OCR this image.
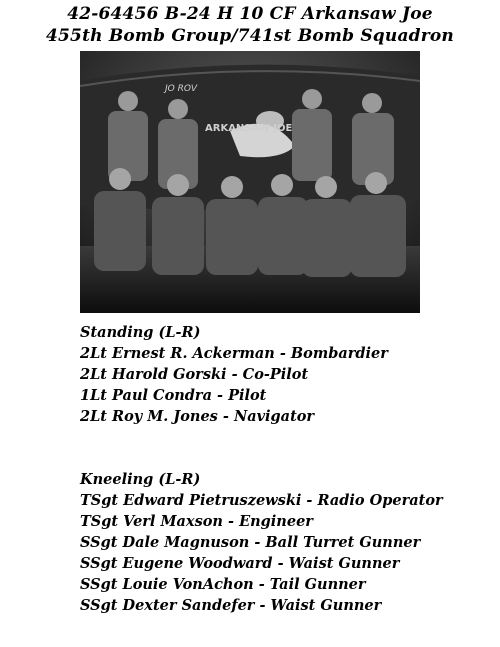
42-64456 B-24 H 10 CF Arkansaw Joe
455th Bomb Group/741st Bomb Squadron
JO ROV
ARKANSAW JOE
Standing (L-R)
2Lt Ernest R. Ackerman - Bombardier
2Lt Harold Gorski - Co-Pilot
1Lt Paul Condra - Pilot
2Lt Roy M. Jones - Navigator
Kneeling (L-R)
TSgt Edward Pietruszewski - Radio Operator
TSgt Verl Maxson - Engineer
SSgt Dale Magnuson - Ball Turret Gunner
SSgt Eugene Woodward - Waist Gunner
SSgt Louie VonAchon - Tail Gunner
SSgt Dexter Sandefer - Waist Gunner
